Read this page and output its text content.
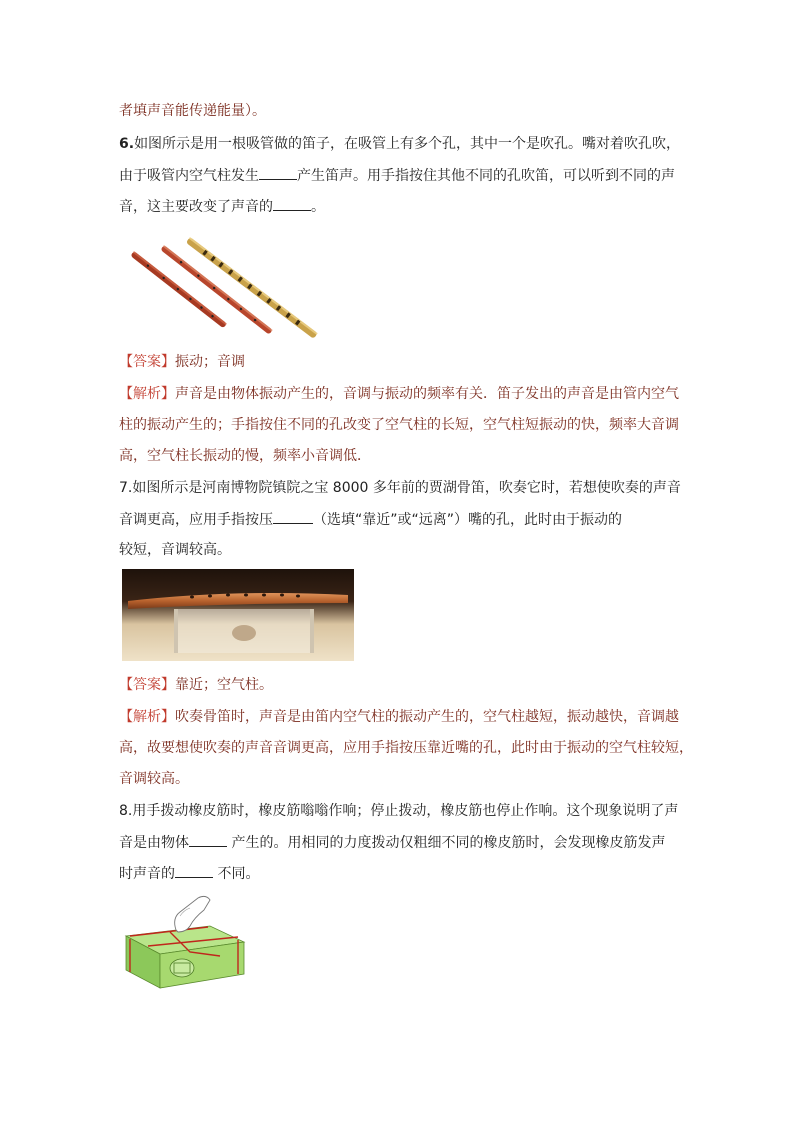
者填声音能传递能量）。
6.如图所示是用一根吸管做的笛子，在吸管上有多个孔，其中一个是吹孔。嘴对着吹孔吹，
由于吸管内空气柱发生	产生笛声。用手指按住其他不同的孔吹笛，可以听到不同的声
音，这主要改变了声音的	。
【答案】振动；音调
【解析】声音是由物体振动产生的，音调与振动的频率有关．笛子发出的声音是由管内空气
柱的振动产生的；手指按住不同的孔改变了空气柱的长短，空气柱短振动的快，频率大音调
高，空气柱长振动的慢，频率小音调低．
7.如图所示是河南博物院镇院之宝 8000 多年前的贾湖骨笛，吹奏它时，若想使吹奏的声音
音调更高，应用手指按压	（选填“靠近”或“远离”）嘴的孔，此时由于振动的
较短，音调较高。
【答案】靠近；空气柱。
【解析】吹奏骨笛时，声音是由笛内空气柱的振动产生的，空气柱越短，振动越快，音调越
高，故要想使吹奏的声音音调更高，应用手指按压靠近嘴的孔，此时由于振动的空气柱较短，
音调较高。
8.用手拨动橡皮筋时，橡皮筋嗡嗡作响；停止拨动，橡皮筋也停止作响。这个现象说明了声
音是由物体	产生的。用相同的力度拨动仅粗细不同的橡皮筋时，会发现橡皮筋发声
时声音的	不同。
